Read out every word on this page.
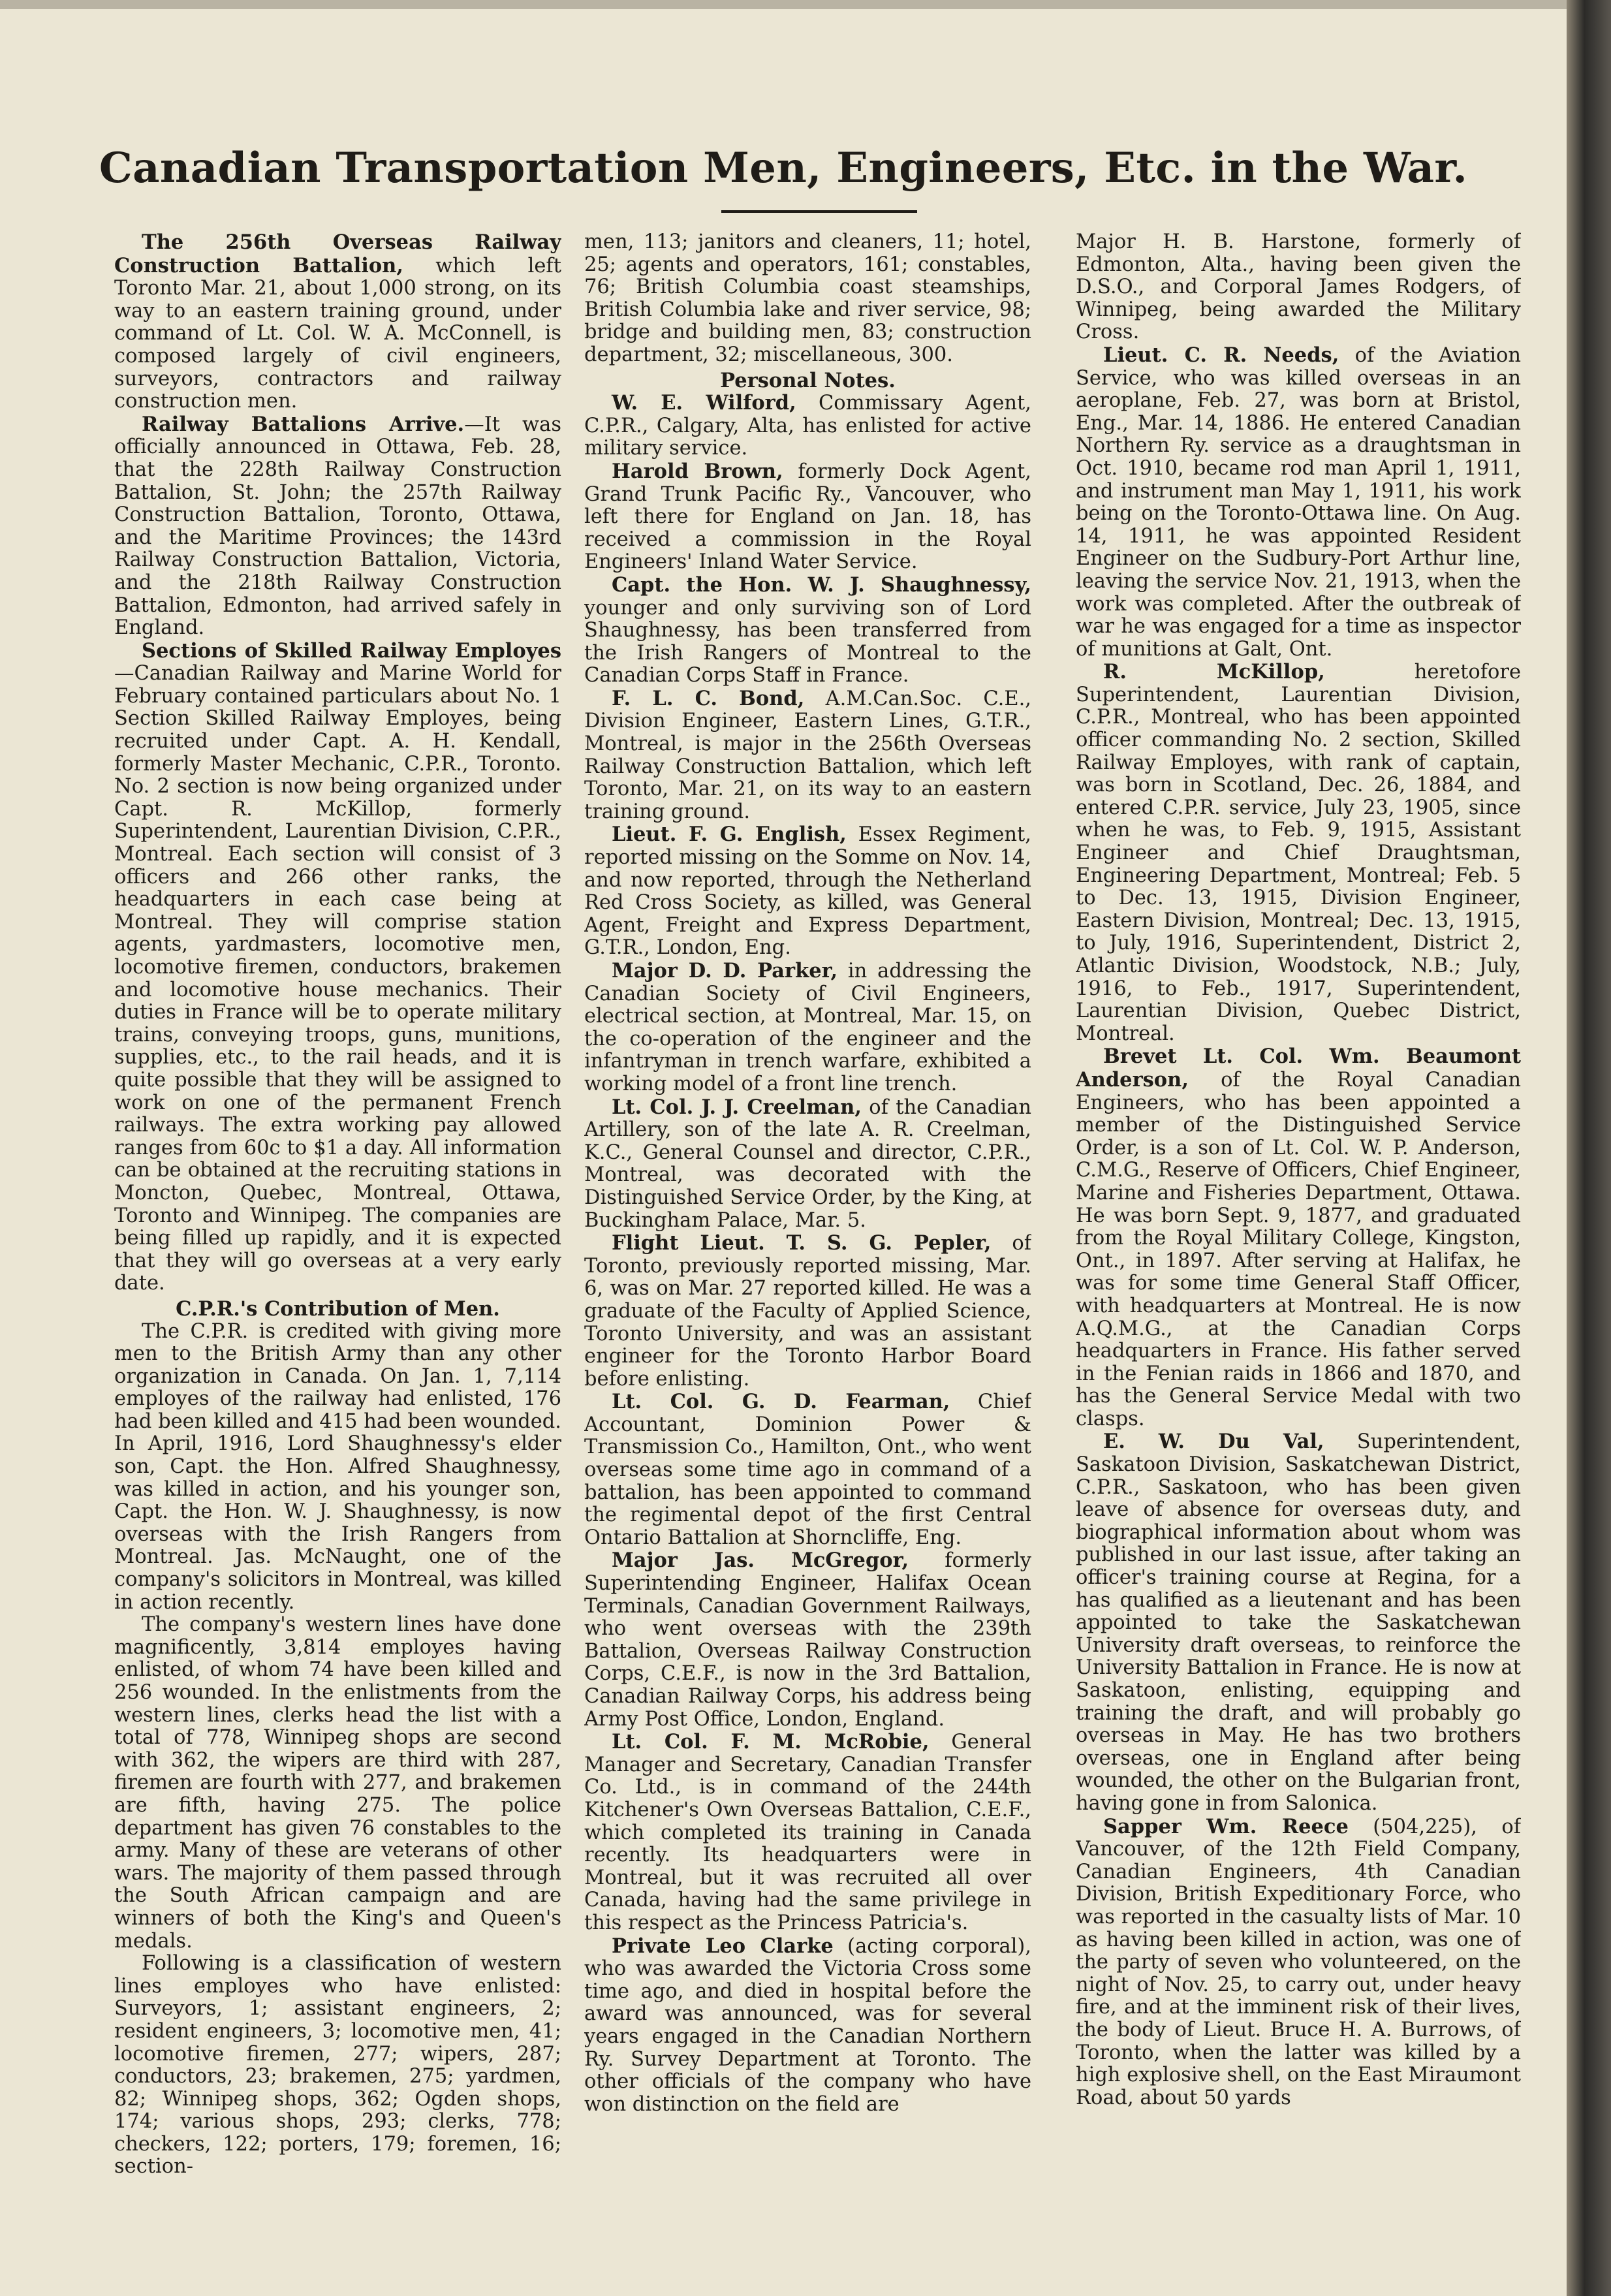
Canadian Transportation Men, Engineers, Etc. in the War.

The 256th Overseas Railway Construction Battalion, which left Toronto Mar. 21, about 1,000 strong, on its way to an eastern training ground, under command of Lt. Col. W. A. McConnell, is composed largely of civil engineers, surveyors, contractors and railway construction men.

Railway Battalions Arrive.—It was officially announced in Ottawa, Feb. 28, that the 228th Railway Construction Battalion, St. John; the 257th Railway Construction Battalion, Toronto, Ottawa, and the Maritime Provinces; the 143rd Railway Construction Battalion, Victoria, and the 218th Railway Construction Battalion, Edmonton, had arrived safely in England.

Sections of Skilled Railway Employes —Canadian Railway and Marine World for February contained particulars about No. 1 Section Skilled Railway Employes, being recruited under Capt. A. H. Kendall, formerly Master Mechanic, C.P.R., Toronto. No. 2 section is now being organized under Capt. R. McKillop, formerly Superintendent, Laurentian Division, C.P.R., Montreal. Each section will consist of 3 officers and 266 other ranks, the headquarters in each case being at Montreal. They will comprise station agents, yardmasters, locomotive men, locomotive firemen, conductors, brakemen and locomotive house mechanics. Their duties in France will be to operate military trains, conveying troops, guns, munitions, supplies, etc., to the rail heads, and it is quite possible that they will be assigned to work on one of the permanent French railways. The extra working pay allowed ranges from 60c to $1 a day. All information can be obtained at the recruiting stations in Moncton, Quebec, Montreal, Ottawa, Toronto and Winnipeg. The companies are being filled up rapidly, and it is expected that they will go overseas at a very early date.

C.P.R.'s Contribution of Men.

The C.P.R. is credited with giving more men to the British Army than any other organization in Canada. On Jan. 1, 7,114 employes of the railway had enlisted, 176 had been killed and 415 had been wounded. In April, 1916, Lord Shaughnessy's elder son, Capt. the Hon. Alfred Shaughnessy, was killed in action, and his younger son, Capt. the Hon. W. J. Shaughnessy, is now overseas with the Irish Rangers from Montreal. Jas. McNaught, one of the company's solicitors in Montreal, was killed in action recently.

The company's western lines have done magnificently, 3,814 employes having enlisted, of whom 74 have been killed and 256 wounded. In the enlistments from the western lines, clerks head the list with a total of 778, Winnipeg shops are second with 362, the wipers are third with 287, firemen are fourth with 277, and brakemen are fifth, having 275. The police department has given 76 constables to the army. Many of these are veterans of other wars. The majority of them passed through the South African campaign and are winners of both the King's and Queen's medals.

Following is a classification of western lines employes who have enlisted: Surveyors, 1; assistant engineers, 2; resident engineers, 3; locomotive men, 41; locomotive firemen, 277; wipers, 287; conductors, 23; brakemen, 275; yardmen, 82; Winnipeg shops, 362; Ogden shops, 174; various shops, 293; clerks, 778; checkers, 122; porters, 179; foremen, 16; section-

men, 113; janitors and cleaners, 11; hotel, 25; agents and operators, 161; constables, 76; British Columbia coast steamships, British Columbia lake and river service, 98; bridge and building men, 83; construction department, 32; miscellaneous, 300.

Personal Notes.

W. E. Wilford, Commissary Agent, C.P.R., Calgary, Alta, has enlisted for active military service.

Harold Brown, formerly Dock Agent, Grand Trunk Pacific Ry., Vancouver, who left there for England on Jan. 18, has received a commission in the Royal Engineers' Inland Water Service.

Capt. the Hon. W. J. Shaughnessy, younger and only surviving son of Lord Shaughnessy, has been transferred from the Irish Rangers of Montreal to the Canadian Corps Staff in France.

F. L. C. Bond, A.M.Can.Soc. C.E., Division Engineer, Eastern Lines, G.T.R., Montreal, is major in the 256th Overseas Railway Construction Battalion, which left Toronto, Mar. 21, on its way to an eastern training ground.

Lieut. F. G. English, Essex Regiment, reported missing on the Somme on Nov. 14, and now reported, through the Netherland Red Cross Society, as killed, was General Agent, Freight and Express Department, G.T.R., London, Eng.

Major D. D. Parker, in addressing the Canadian Society of Civil Engineers, electrical section, at Montreal, Mar. 15, on the co-operation of the engineer and the infantryman in trench warfare, exhibited a working model of a front line trench.

Lt. Col. J. J. Creelman, of the Canadian Artillery, son of the late A. R. Creelman, K.C., General Counsel and director, C.P.R., Montreal, was decorated with the Distinguished Service Order, by the King, at Buckingham Palace, Mar. 5.

Flight Lieut. T. S. G. Pepler, of Toronto, previously reported missing, Mar. 6, was on Mar. 27 reported killed. He was a graduate of the Faculty of Applied Science, Toronto University, and was an assistant engineer for the Toronto Harbor Board before enlisting.

Lt. Col. G. D. Fearman, Chief Accountant, Dominion Power & Transmission Co., Hamilton, Ont., who went overseas some time ago in command of a battalion, has been appointed to command the regimental depot of the first Central Ontario Battalion at Shorncliffe, Eng.

Major Jas. McGregor, formerly Superintending Engineer, Halifax Ocean Terminals, Canadian Government Railways, who went overseas with the 239th Battalion, Overseas Railway Construction Corps, C.E.F., is now in the 3rd Battalion, Canadian Railway Corps, his address being Army Post Office, London, England.

Lt. Col. F. M. McRobie, General Manager and Secretary, Canadian Transfer Co. Ltd., is in command of the 244th Kitchener's Own Overseas Battalion, C.E.F., which completed its training in Canada recently. Its headquarters were in Montreal, but it was recruited all over Canada, having had the same privilege in this respect as the Princess Patricia's.

Private Leo Clarke (acting corporal), who was awarded the Victoria Cross some time ago, and died in hospital before the award was announced, was for several years engaged in the Canadian Northern Ry. Survey Department at Toronto. The other officials of the company who have won distinction on the field are

Major H. B. Harstone, formerly of Edmonton, Alta., having been given the D.S.O., and Corporal James Rodgers, of Winnipeg, being awarded the Military Cross.

Lieut. C. R. Needs, of the Aviation Service, who was killed overseas in an aeroplane, Feb. 27, was born at Bristol, Eng., Mar. 14, 1886. He entered Canadian Northern Ry. service as a draughtsman in Oct. 1910, became rod man April 1, 1911, and instrument man May 1, 1911, his work being on the Toronto-Ottawa line. On Aug. 14, 1911, he was appointed Resident Engineer on the Sudbury-Port Arthur line, leaving the service Nov. 21, 1913, when the work was completed. After the outbreak of war he was engaged for a time as inspector of munitions at Galt, Ont.

R. McKillop, heretofore Superintendent, Laurentian Division, C.P.R., Montreal, who has been appointed officer commanding No. 2 section, Skilled Railway Employes, with rank of captain, was born in Scotland, Dec. 26, 1884, and entered C.P.R. service, July 23, 1905, since when he was, to Feb. 9, 1915, Assistant Engineer and Chief Draughtsman, Engineering Department, Montreal; Feb. 5 to Dec. 13, 1915, Division Engineer, Eastern Division, Montreal; Dec. 13, 1915, to July, 1916, Superintendent, District 2, Atlantic Division, Woodstock, N.B.; July, 1916, to Feb., 1917, Superintendent, Laurentian Division, Quebec District, Montreal.

Brevet Lt. Col. Wm. Beaumont Anderson, of the Royal Canadian Engineers, who has been appointed a member of the Distinguished Service Order, is a son of Lt. Col. W. P. Anderson, C.M.G., Reserve of Officers, Chief Engineer, Marine and Fisheries Department, Ottawa. He was born Sept. 9, 1877, and graduated from the Royal Military College, Kingston, Ont., in 1897. After serving at Halifax, he was for some time General Staff Officer, with headquarters at Montreal. He is now A.Q.M.G., at the Canadian Corps headquarters in France. His father served in the Fenian raids in 1866 and 1870, and has the General Service Medal with two clasps.

E. W. Du Val, Superintendent, Saskatoon Division, Saskatchewan District, C.P.R., Saskatoon, who has been given leave of absence for overseas duty, and biographical information about whom was published in our last issue, after taking an officer's training course at Regina, for a has qualified as a lieutenant and has been appointed to take the Saskatchewan University draft overseas, to reinforce the University Battalion in France. He is now at Saskatoon, enlisting, equipping and training the draft, and will probably go overseas in May. He has two brothers overseas, one in England after being wounded, the other on the Bulgarian front, having gone in from Salonica.

Sapper Wm. Reece (504,225), of Vancouver, of the 12th Field Company, Canadian Engineers, 4th Canadian Division, British Expeditionary Force, who was reported in the casualty lists of Mar. 10 as having been killed in action, was one of the party of seven who volunteered, on the night of Nov. 25, to carry out, under heavy fire, and at the imminent risk of their lives, the body of Lieut. Bruce H. A. Burrows, of Toronto, when the latter was killed by a high explosive shell, on the East Miraumont Road, about 50 yards
